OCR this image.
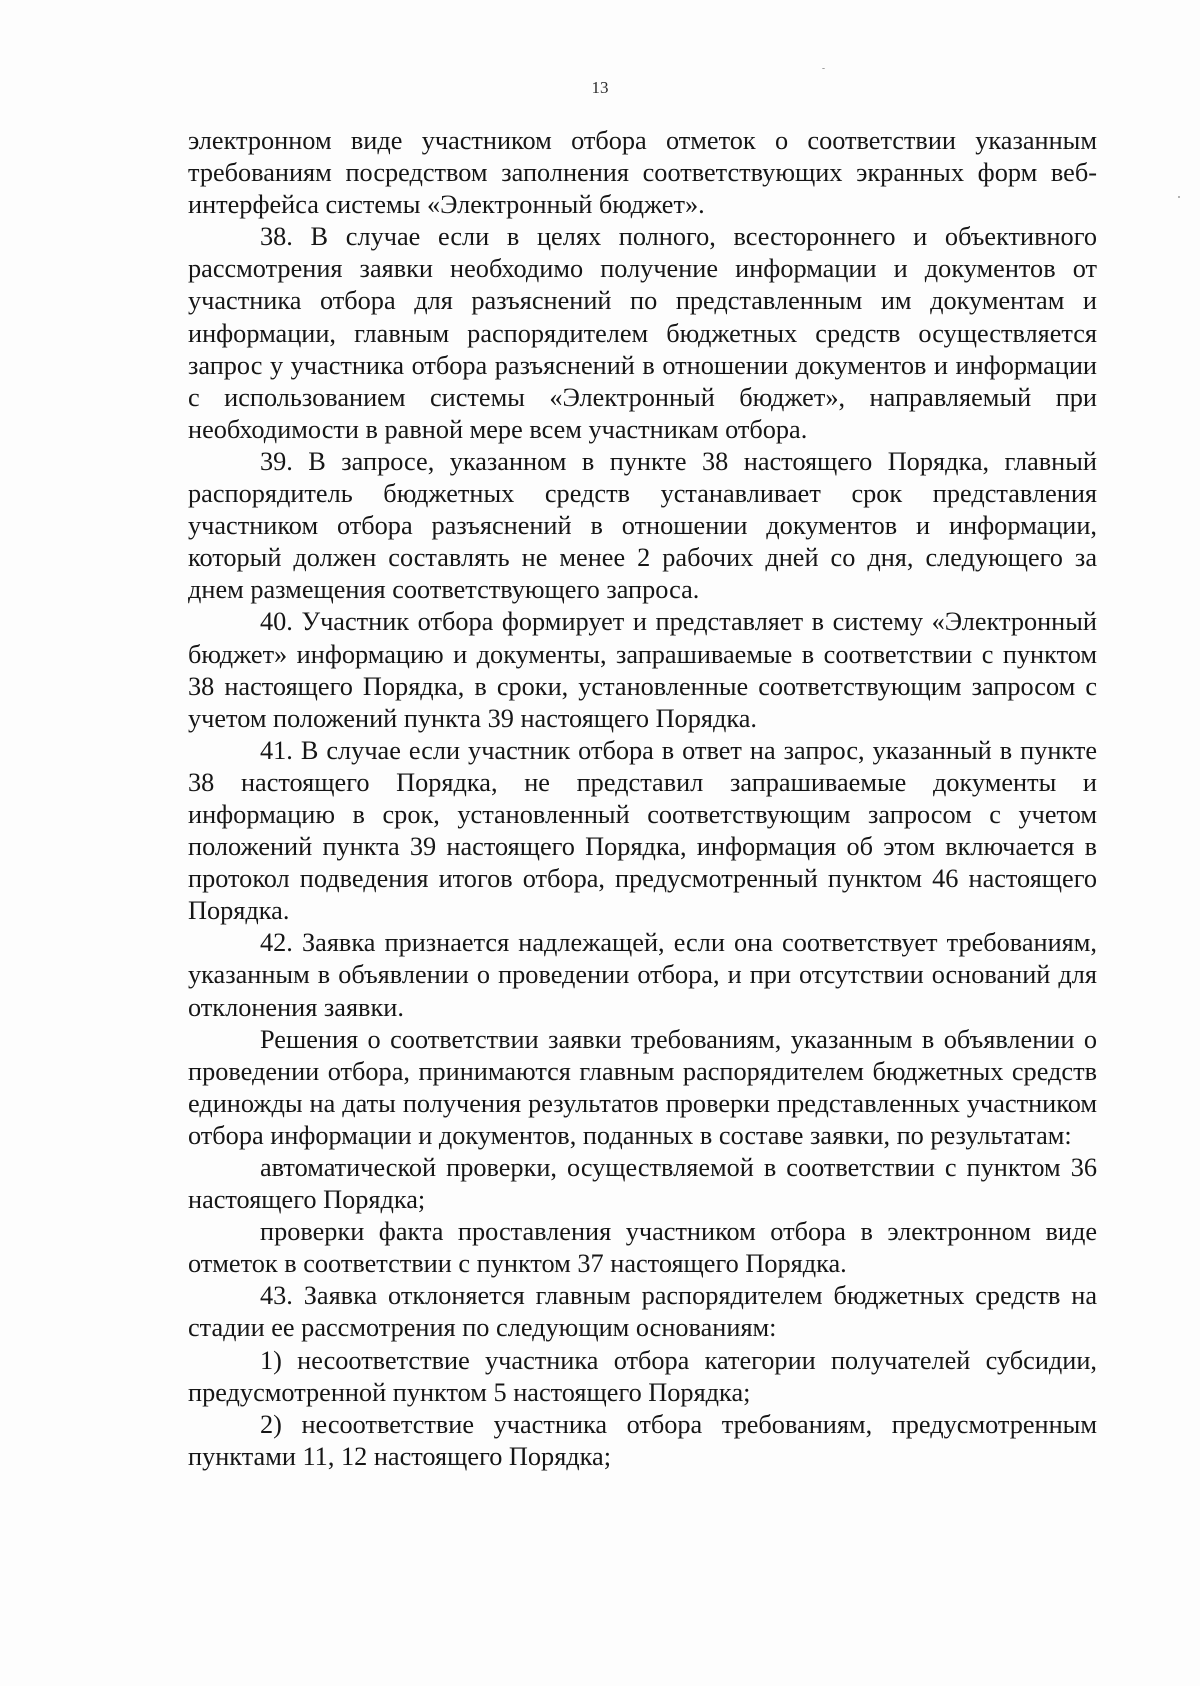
13

электронном виде участником отбора отметок о соответствии указанным требованиям посредством заполнения соответствующих экранных форм веб-интерфейса системы «Электронный бюджет».

38. В случае если в целях полного, всестороннего и объективного рассмотрения заявки необходимо получение информации и документов от участника отбора для разъяснений по представленным им документам и информации, главным распорядителем бюджетных средств осуществляется запрос у участника отбора разъяснений в отношении документов и информации с использованием системы «Электронный бюджет», направляемый при необходимости в равной мере всем участникам отбора.

39. В запросе, указанном в пункте 38 настоящего Порядка, главный распорядитель бюджетных средств устанавливает срок представления участником отбора разъяснений в отношении документов и информации, который должен составлять не менее 2 рабочих дней со дня, следующего за днем размещения соответствующего запроса.

40. Участник отбора формирует и представляет в систему «Электронный бюджет» информацию и документы, запрашиваемые в соответствии с пунктом 38 настоящего Порядка, в сроки, установленные соответствующим запросом с учетом положений пункта 39 настоящего Порядка.

41. В случае если участник отбора в ответ на запрос, указанный в пункте 38 настоящего Порядка, не представил запрашиваемые документы и информацию в срок, установленный соответствующим запросом с учетом положений пункта 39 настоящего Порядка, информация об этом включается в протокол подведения итогов отбора, предусмотренный пунктом 46 настоящего Порядка.

42. Заявка признается надлежащей, если она соответствует требованиям, указанным в объявлении о проведении отбора, и при отсутствии оснований для отклонения заявки.

Решения о соответствии заявки требованиям, указанным в объявлении о проведении отбора, принимаются главным распорядителем бюджетных средств единожды на даты получения результатов проверки представленных участником отбора информации и документов, поданных в составе заявки, по результатам:

автоматической проверки, осуществляемой в соответствии с пунктом 36 настоящего Порядка;

проверки факта проставления участником отбора в электронном виде отметок в соответствии с пунктом 37 настоящего Порядка.

43. Заявка отклоняется главным распорядителем бюджетных средств на стадии ее рассмотрения по следующим основаниям:

1) несоответствие участника отбора категории получателей субсидии, предусмотренной пунктом 5 настоящего Порядка;

2) несоответствие участника отбора требованиям, предусмотренным пунктами 11, 12 настоящего Порядка;
